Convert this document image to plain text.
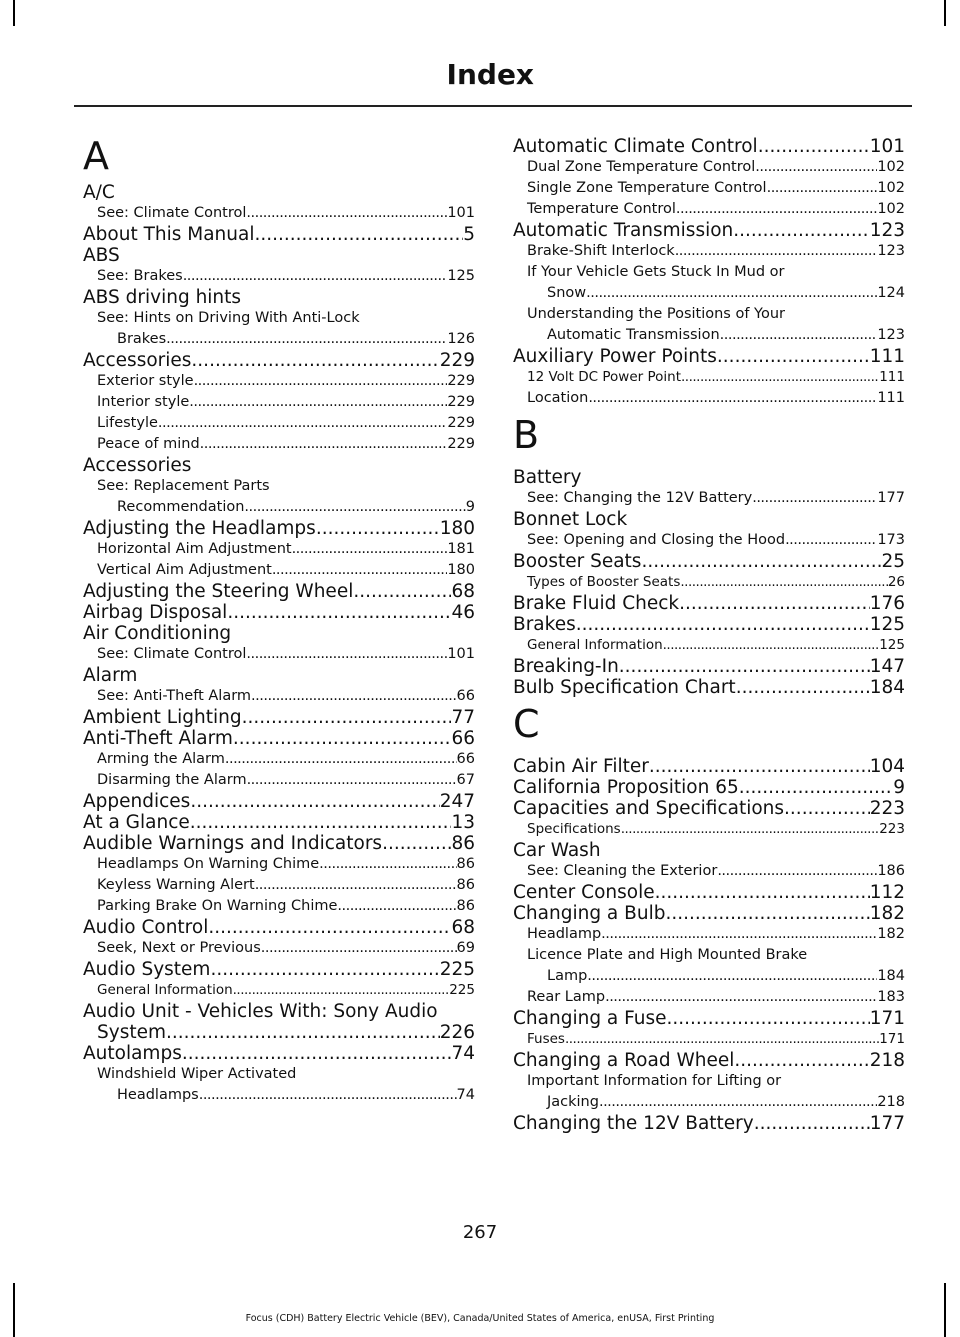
Index
A
A/C
See: Climate Control .....	101
About This Manual .....	5
ABS
See: Brakes .....	125
ABS driving hints
See: Hints on Driving With Anti-Lock
Brakes .....	126
Accessories .....	229
Exterior style .....	229
Interior style .....	229
Lifestyle .....	229
Peace of mind .....	229
Accessories
See: Replacement Parts
Recommendation .....	9
Adjusting the Headlamps .....	180
Horizontal Aim Adjustment .....	181
Vertical Aim Adjustment .....	180
Adjusting the Steering Wheel .....	68
Airbag Disposal .....	46
Air Conditioning
See: Climate Control .....	101
Alarm
See: Anti-Theft Alarm .....	66
Ambient Lighting .....	77
Anti-Theft Alarm .....	66
Arming the Alarm .....	66
Disarming the Alarm .....	67
Appendices .....	247
At a Glance .....	13
Audible Warnings and Indicators .....	86
Headlamps On Warning Chime .....	86
Keyless Warning Alert .....	86
Parking Brake On Warning Chime .....	86
Audio Control .....	68
Seek, Next or Previous .....	69
Audio System .....	225
General Information .....	225
Audio Unit - Vehicles With: Sony Audio
System .....	226
Autolamps .....	74
Windshield Wiper Activated
Headlamps .....	74
Automatic Climate Control .....	101
Dual Zone Temperature Control .....	102
Single Zone Temperature Control .....	102
Temperature Control .....	102
Automatic Transmission .....	123
Brake-Shift Interlock .....	123
If Your Vehicle Gets Stuck In Mud or
Snow .....	124
Understanding the Positions of Your
Automatic Transmission .....	123
Auxiliary Power Points .....	111
12 Volt DC Power Point .....	111
Location .....	111
B
Battery
See: Changing the 12V Battery .....	177
Bonnet Lock
See: Opening and Closing the Hood .....	173
Booster Seats .....	25
Types of Booster Seats .....	26
Brake Fluid Check .....	176
Brakes .....	125
General Information .....	125
Breaking-In .....	147
Bulb Specification Chart .....	184
C
Cabin Air Filter .....	104
California Proposition 65 .....	9
Capacities and Specifications .....	223
Specifications .....	223
Car Wash
See: Cleaning the Exterior .....	186
Center Console .....	112
Changing a Bulb .....	182
Headlamp .....	182
Licence Plate and High Mounted Brake
Lamp .....	184
Rear Lamp .....	183
Changing a Fuse .....	171
Fuses .....	171
Changing a Road Wheel .....	218
Important Information for Lifting or
Jacking .....	218
Changing the 12V Battery .....	177
267
Focus (CDH) Battery Electric Vehicle (BEV), Canada/United States of America, enUSA, First Printing
